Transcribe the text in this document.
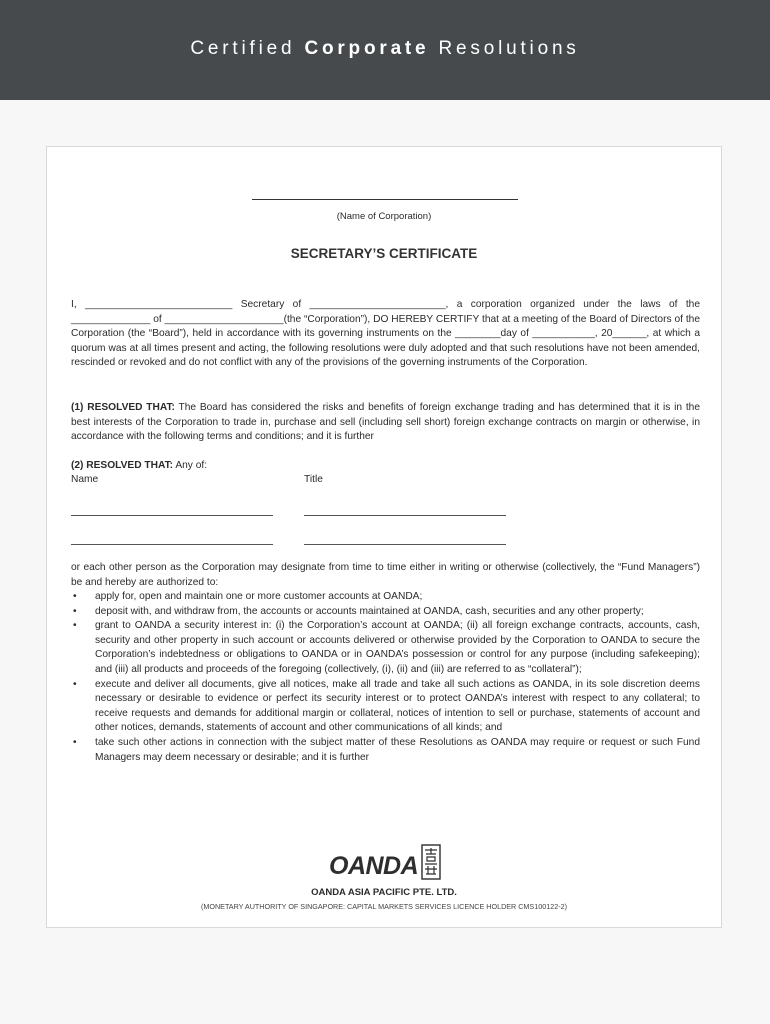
Certified Corporate Resolutions
(Name of Corporation)
SECRETARY’S CERTIFICATE

I, __________________________ Secretary of ________________________, a corporation organized under the laws of the ______________ of _____________________(the “Corporation”), DO HEREBY CERTIFY that at a meeting of the Board of Directors of the Corporation (the “Board”), held in accordance with its governing instruments on the ________day of ___________, 20______, at which a quorum was at all times present and acting, the following resolutions were duly adopted and that such resolutions have not been amended, rescinded or revoked and do not conflict with any of the provisions of the governing instruments of the Corporation.

(1) RESOLVED THAT: The Board has considered the risks and benefits of foreign exchange trading and has determined that it is in the best interests of the Corporation to trade in, purchase and sell (including sell short) foreign exchange contracts on margin or otherwise, in accordance with the following terms and conditions; and it is further

(2) RESOLVED THAT: Any of:
Name	Title

or each other person as the Corporation may designate from time to time either in writing or otherwise (collectively, the “Fund Managers”) be and hereby are authorized to:

• apply for, open and maintain one or more customer accounts at OANDA;
• deposit with, and withdraw from, the accounts or accounts maintained at OANDA, cash, securities and any other property;
• grant to OANDA a security interest in: (i) the Corporation’s account at OANDA; (ii) all foreign exchange contracts, accounts, cash, security and other property in such account or accounts delivered or otherwise provided by the Corporation to OANDA to secure the Corporation’s indebtedness or obligations to OANDA or in OANDA’s possession or control for any purpose (including safekeeping); and (iii) all products and proceeds of the foregoing (collectively, (i), (ii) and (iii) are referred to as “collateral”);
• execute and deliver all documents, give all notices, make all trade and take all such actions as OANDA, in its sole discretion deems necessary or desirable to evidence or perfect its security interest or to protect OANDA’s interest with respect to any collateral; to receive requests and demands for additional margin or collateral, notices of intention to sell or purchase, statements of account and other notices, demands, statements of account and other communications of all kinds; and
• take such other actions in connection with the subject matter of these Resolutions as OANDA may require or request or such Fund Managers may deem necessary or desirable; and it is further
OANDA
OANDA ASIA PACIFIC PTE. LTD.
(MONETARY AUTHORITY OF SINGAPORE: CAPITAL MARKETS SERVICES LICENCE HOLDER CMS100122-2)
